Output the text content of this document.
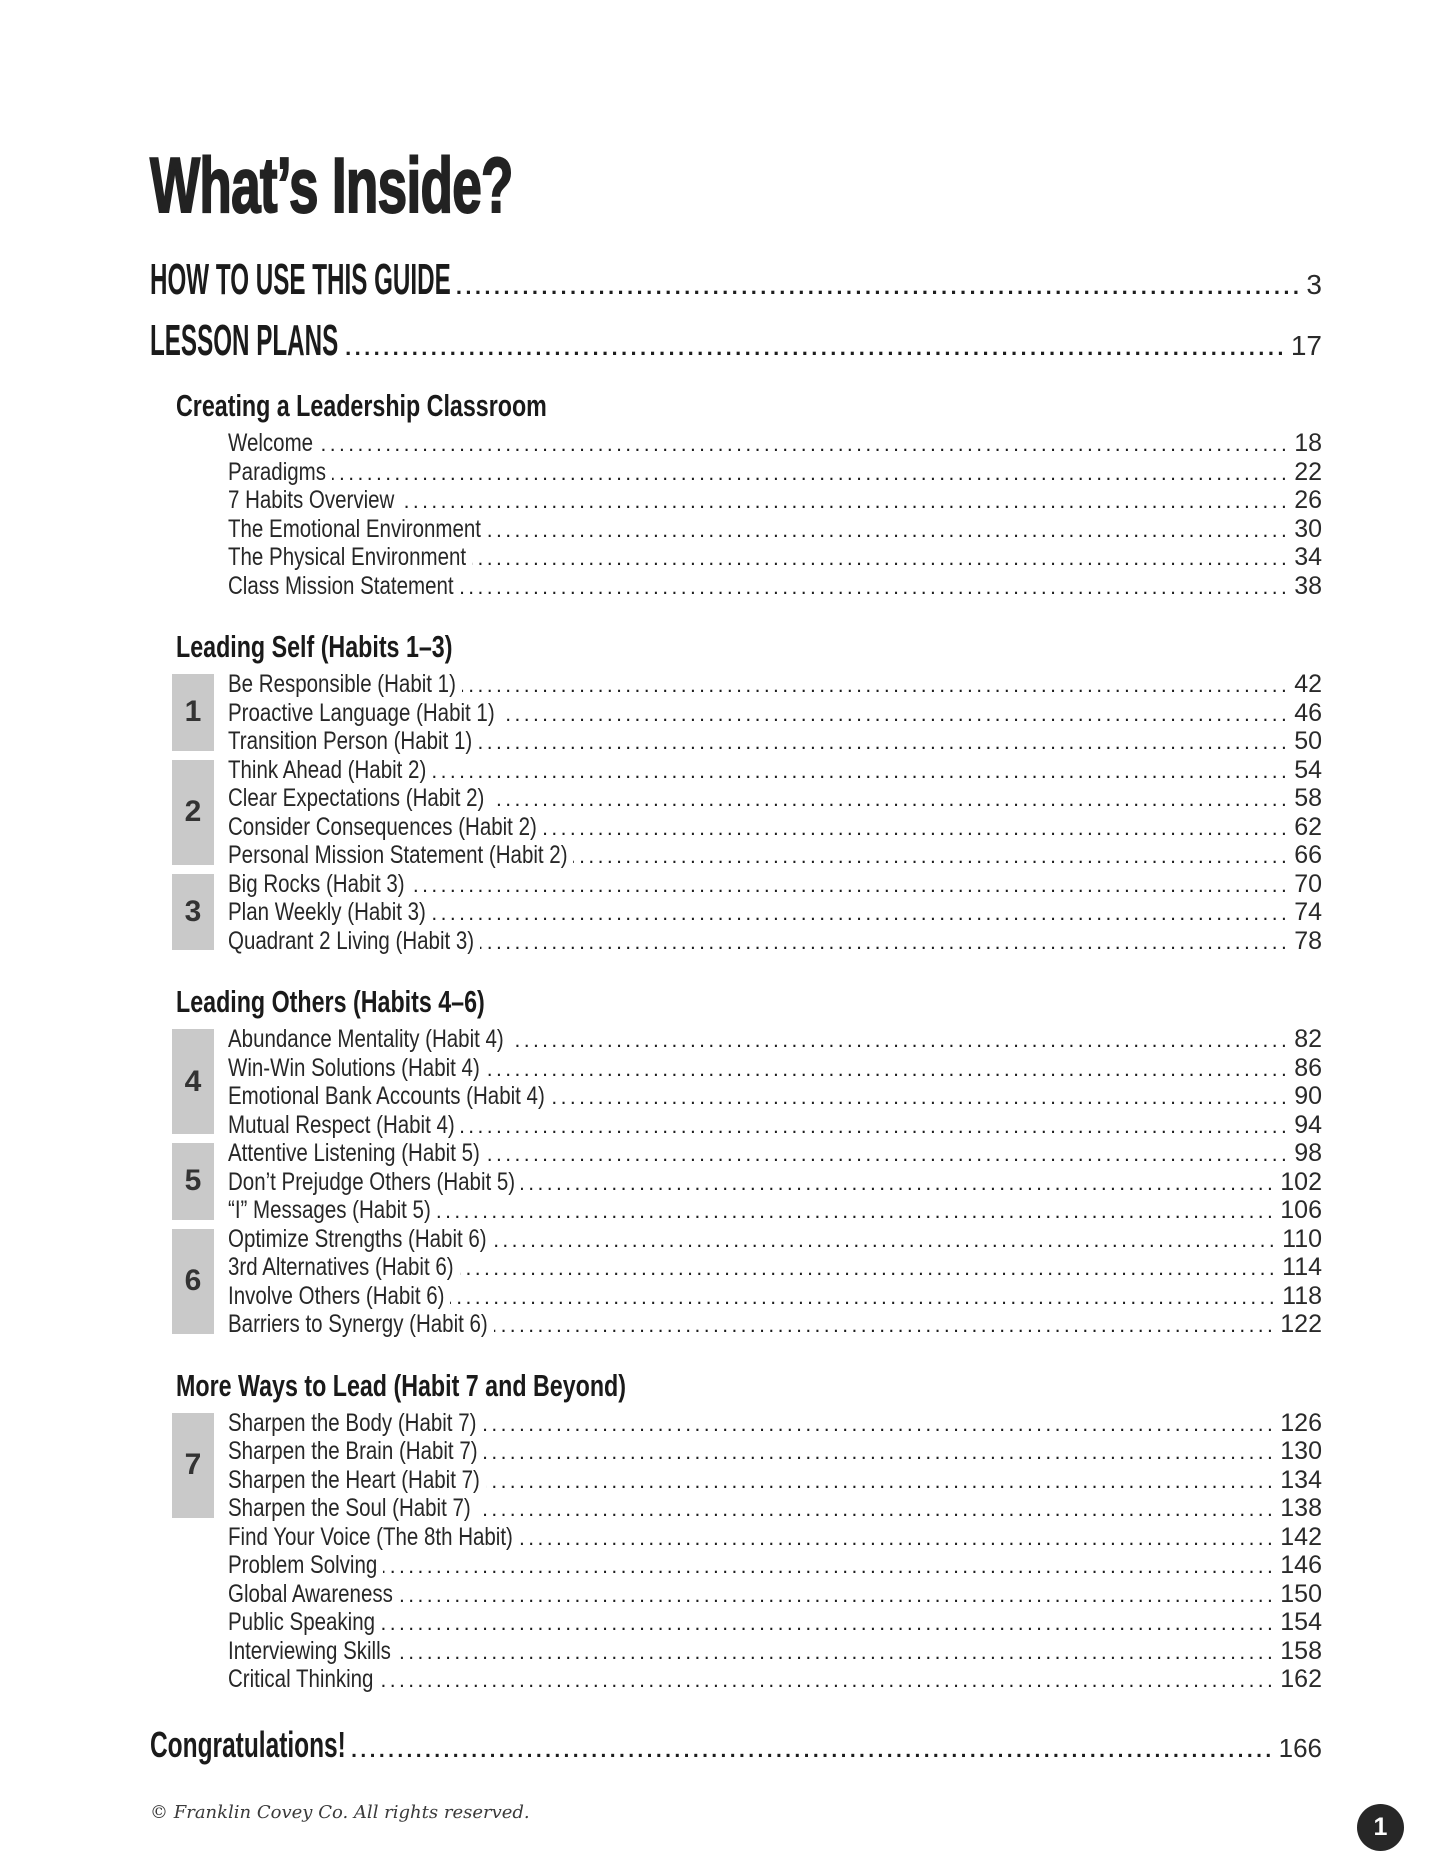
What’s Inside?
HOW TO USE THIS GUIDE .....	3
LESSON PLANS .....	17
Creating a Leadership Classroom
Welcome .....	18
Paradigms .....	22
7 Habits Overview .....	26
The Emotional Environment .....	30
The Physical Environment .....	34
Class Mission Statement .....	38
Leading Self (Habits 1–3)
1
Be Responsible (Habit 1) .....	42
Proactive Language (Habit 1) .....	46
Transition Person (Habit 1) .....	50
2
Think Ahead (Habit 2) .....	54
Clear Expectations (Habit 2) .....	58
Consider Consequences (Habit 2) .....	62
Personal Mission Statement (Habit 2) .....	66
3
Big Rocks (Habit 3) .....	70
Plan Weekly (Habit 3) .....	74
Quadrant 2 Living (Habit 3) .....	78
Leading Others (Habits 4–6)
4
Abundance Mentality (Habit 4) .....	82
Win-Win Solutions (Habit 4) .....	86
Emotional Bank Accounts (Habit 4) .....	90
Mutual Respect (Habit 4) .....	94
5
Attentive Listening (Habit 5) .....	98
Don’t Prejudge Others (Habit 5) .....	102
“I” Messages (Habit 5) .....	106
6
Optimize Strengths (Habit 6) .....	110
3rd Alternatives (Habit 6) .....	114
Involve Others (Habit 6) .....	118
Barriers to Synergy (Habit 6) .....	122
More Ways to Lead (Habit 7 and Beyond)
7
Sharpen the Body (Habit 7) .....	126
Sharpen the Brain (Habit 7) .....	130
Sharpen the Heart (Habit 7) .....	134
Sharpen the Soul (Habit 7) .....	138
Find Your Voice (The 8th Habit) .....	142
Problem Solving .....	146
Global Awareness .....	150
Public Speaking .....	154
Interviewing Skills .....	158
Critical Thinking .....	162
Congratulations! .....	166
© Franklin Covey Co. All rights reserved.
1
